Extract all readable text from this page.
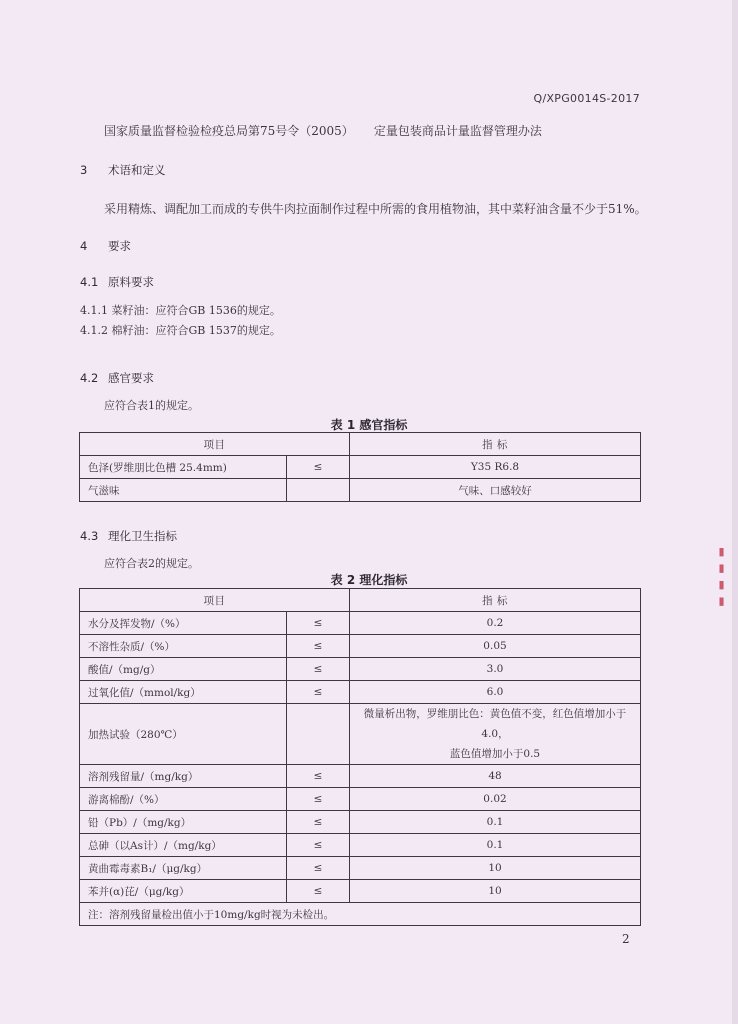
Q/XPG0014S-2017
国家质量监督检验检疫总局第75号令（2005） 定量包装商品计量监督管理办法
3 术语和定义
采用精炼、调配加工而成的专供牛肉拉面制作过程中所需的食用植物油，其中菜籽油含量不少于51%。
4 要求
4.1 原料要求
4.1.1 菜籽油：应符合GB 1536的规定。
4.1.2 棉籽油：应符合GB 1537的规定。
4.2 感官要求
应符合表1的规定。
表 1 感官指标
项目		指 标
色泽(罗维朋比色槽 25.4mm)	≤	Y35 R6.8
气滋味		气味、口感较好
4.3 理化卫生指标
应符合表2的规定。
表 2 理化指标
项目		指 标
水分及挥发物/（%）	≤	0.2
不溶性杂质/（%）	≤	0.05
酸值/（mg/g）	≤	3.0
过氧化值/（mmol/kg）	≤	6.0
加热试验（280℃）		微量析出物，罗维朋比色：黄色值不变，红色值增加小于4.0，
蓝色值增加小于0.5

溶剂残留量/（mg/kg）	≤	48
游离棉酚/（%）	≤	0.02
铅（Pb）/（mg/kg）	≤	0.1
总砷（以As计）/（mg/kg）	≤	0.1
黄曲霉毒素B₁/（μg/kg）	≤	10
苯并(α)芘/（μg/kg）	≤	10
注：溶剂残留量检出值小于10mg/kg时视为未检出。		
▮ ▮ ▮ ▮
2
